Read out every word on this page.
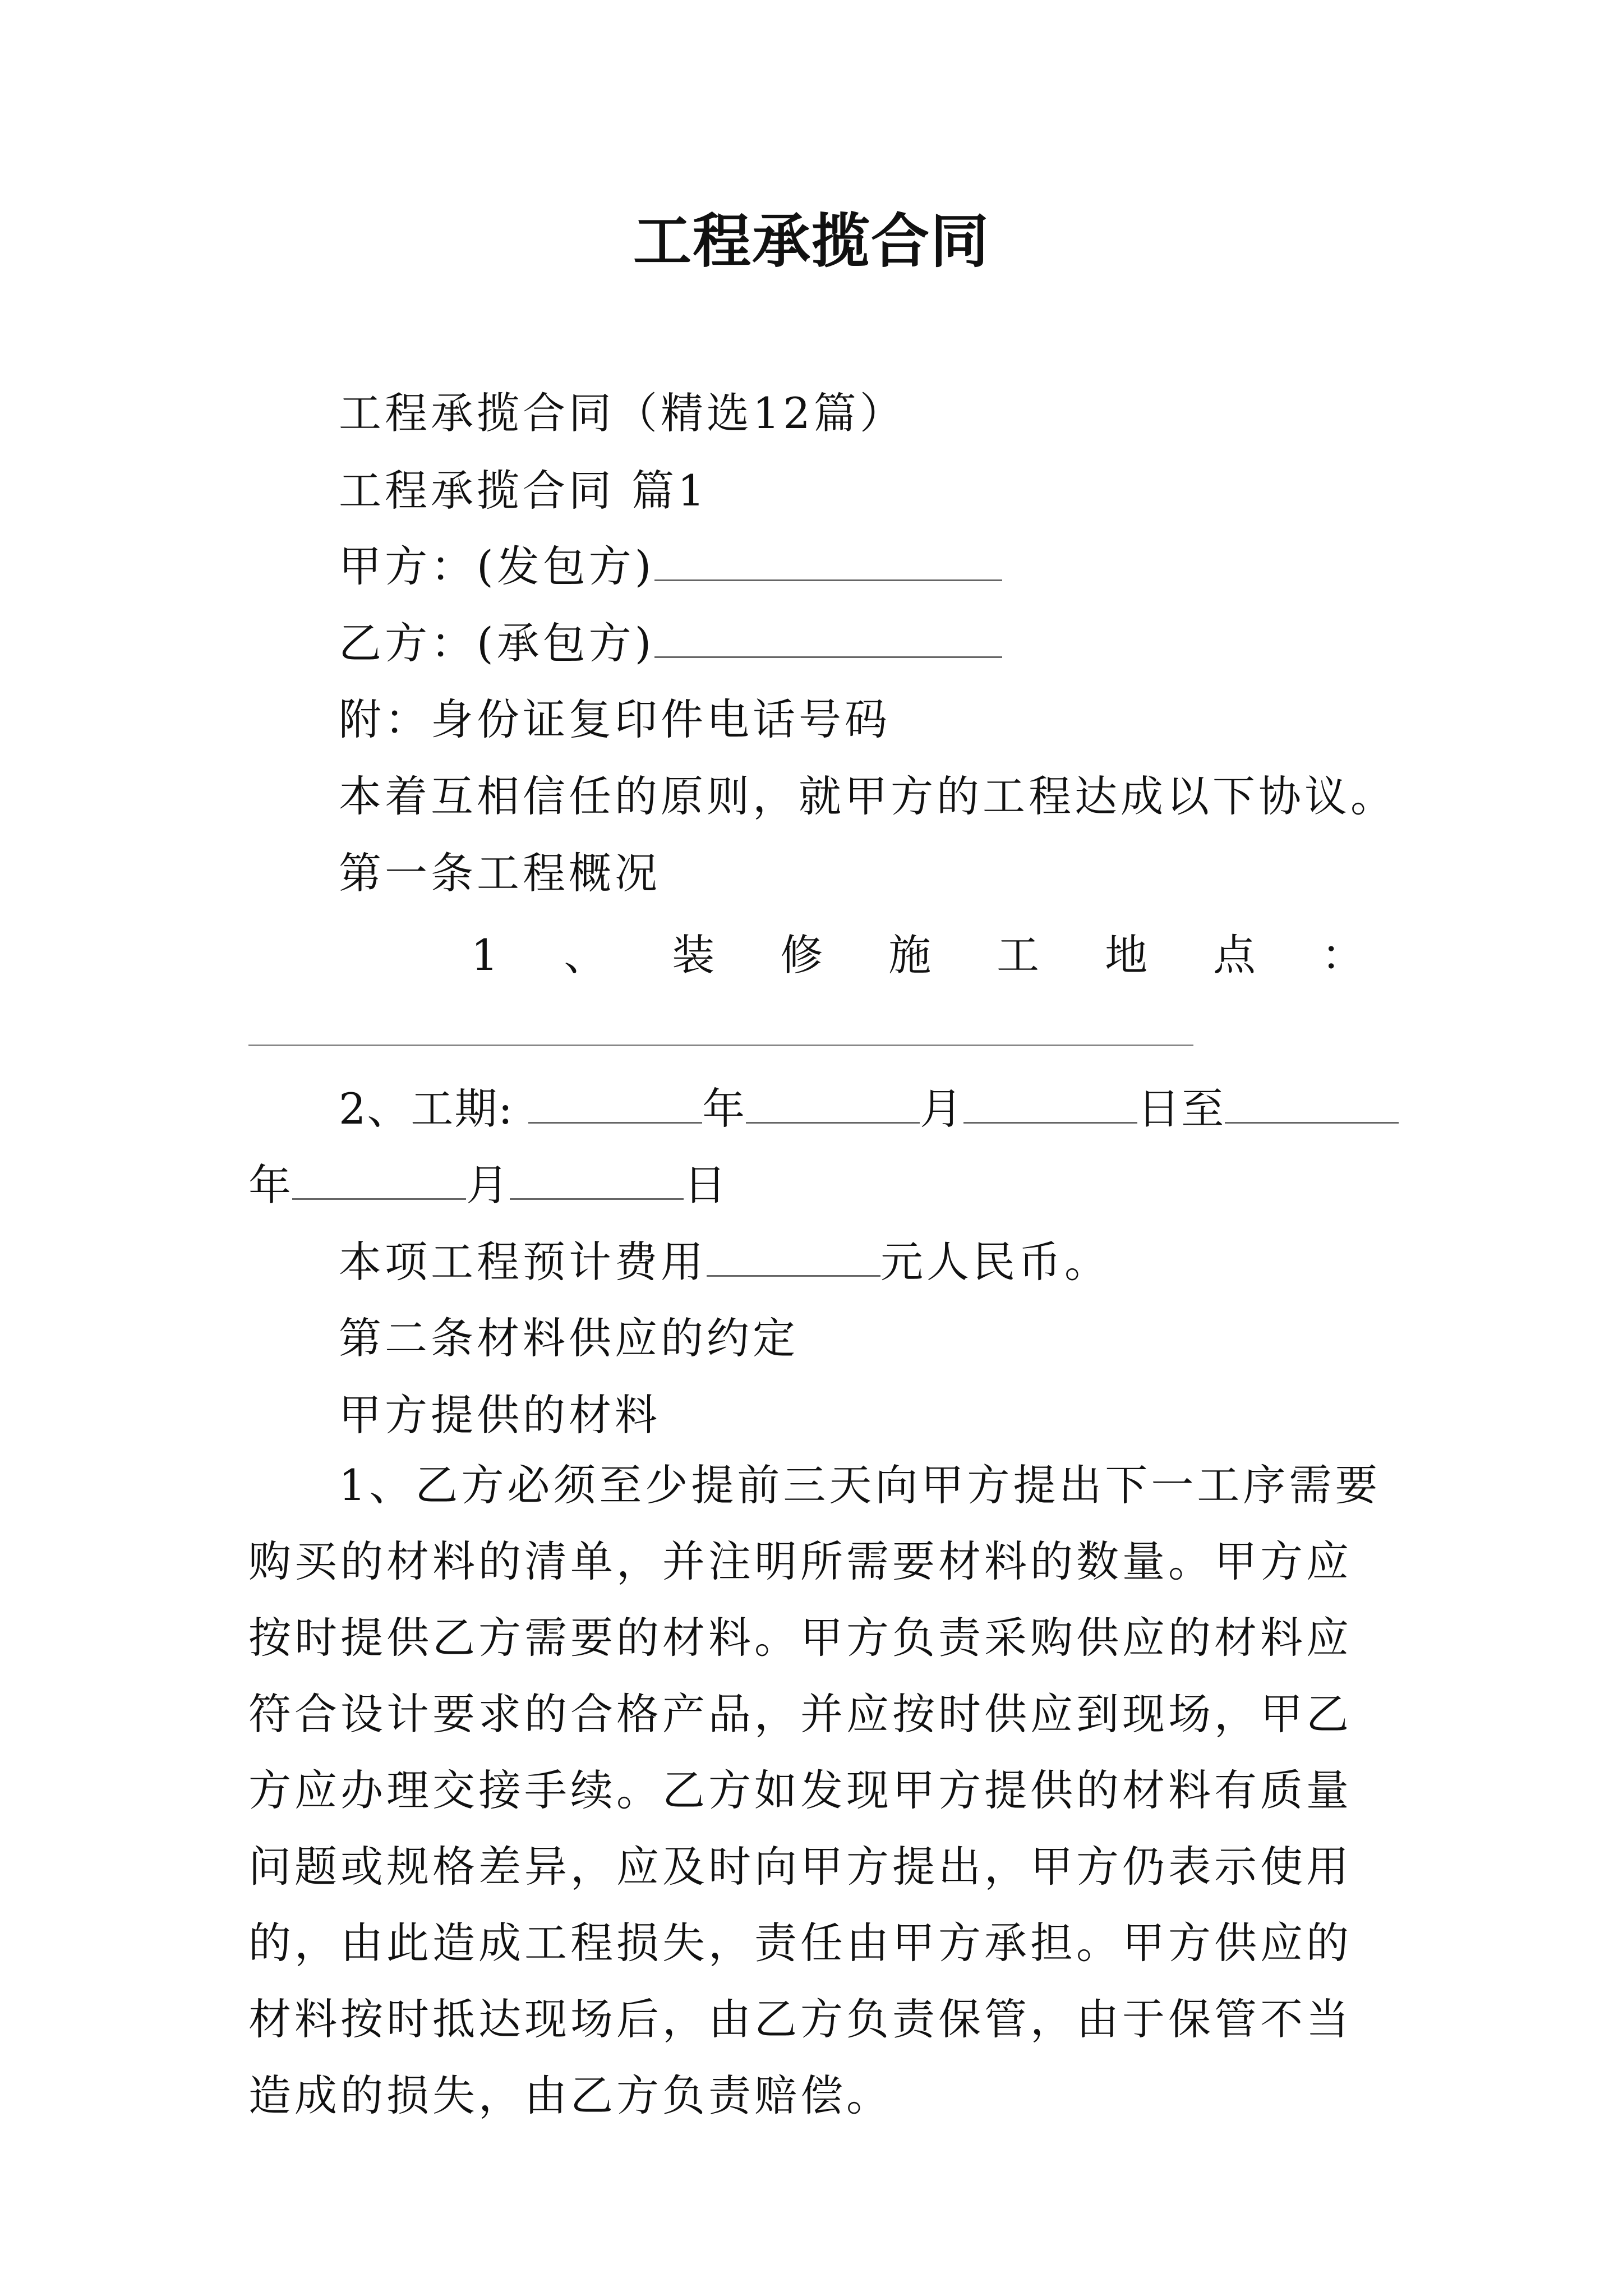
工程承揽合同
工程承揽合同（精选12篇）
工程承揽合同 篇1
甲方：(发包方)
乙方：(承包方)
附：身份证复印件电话号码
本着互相信任的原则，就甲方的工程达成以下协议。
第一条工程概况
1 、 装 修 施 工 地 点 ：
2、工期:	年	月	日至
年	月	日
本项工程预计费用	元人民币。
第二条材料供应的约定
甲方提供的材料
1、乙方必须至少提前三天向甲方提出下一工序需要购买的材料的清单，并注明所需要材料的数量。甲方应按时提供乙方需要的材料。甲方负责采购供应的材料应符合设计要求的合格产品，并应按时供应到现场，甲乙方应办理交接手续。乙方如发现甲方提供的材料有质量问题或规格差异，应及时向甲方提出，甲方仍表示使用的，由此造成工程损失，责任由甲方承担。甲方供应的材料按时抵达现场后，由乙方负责保管，由于保管不当造成的损失，由乙方负责赔偿。
